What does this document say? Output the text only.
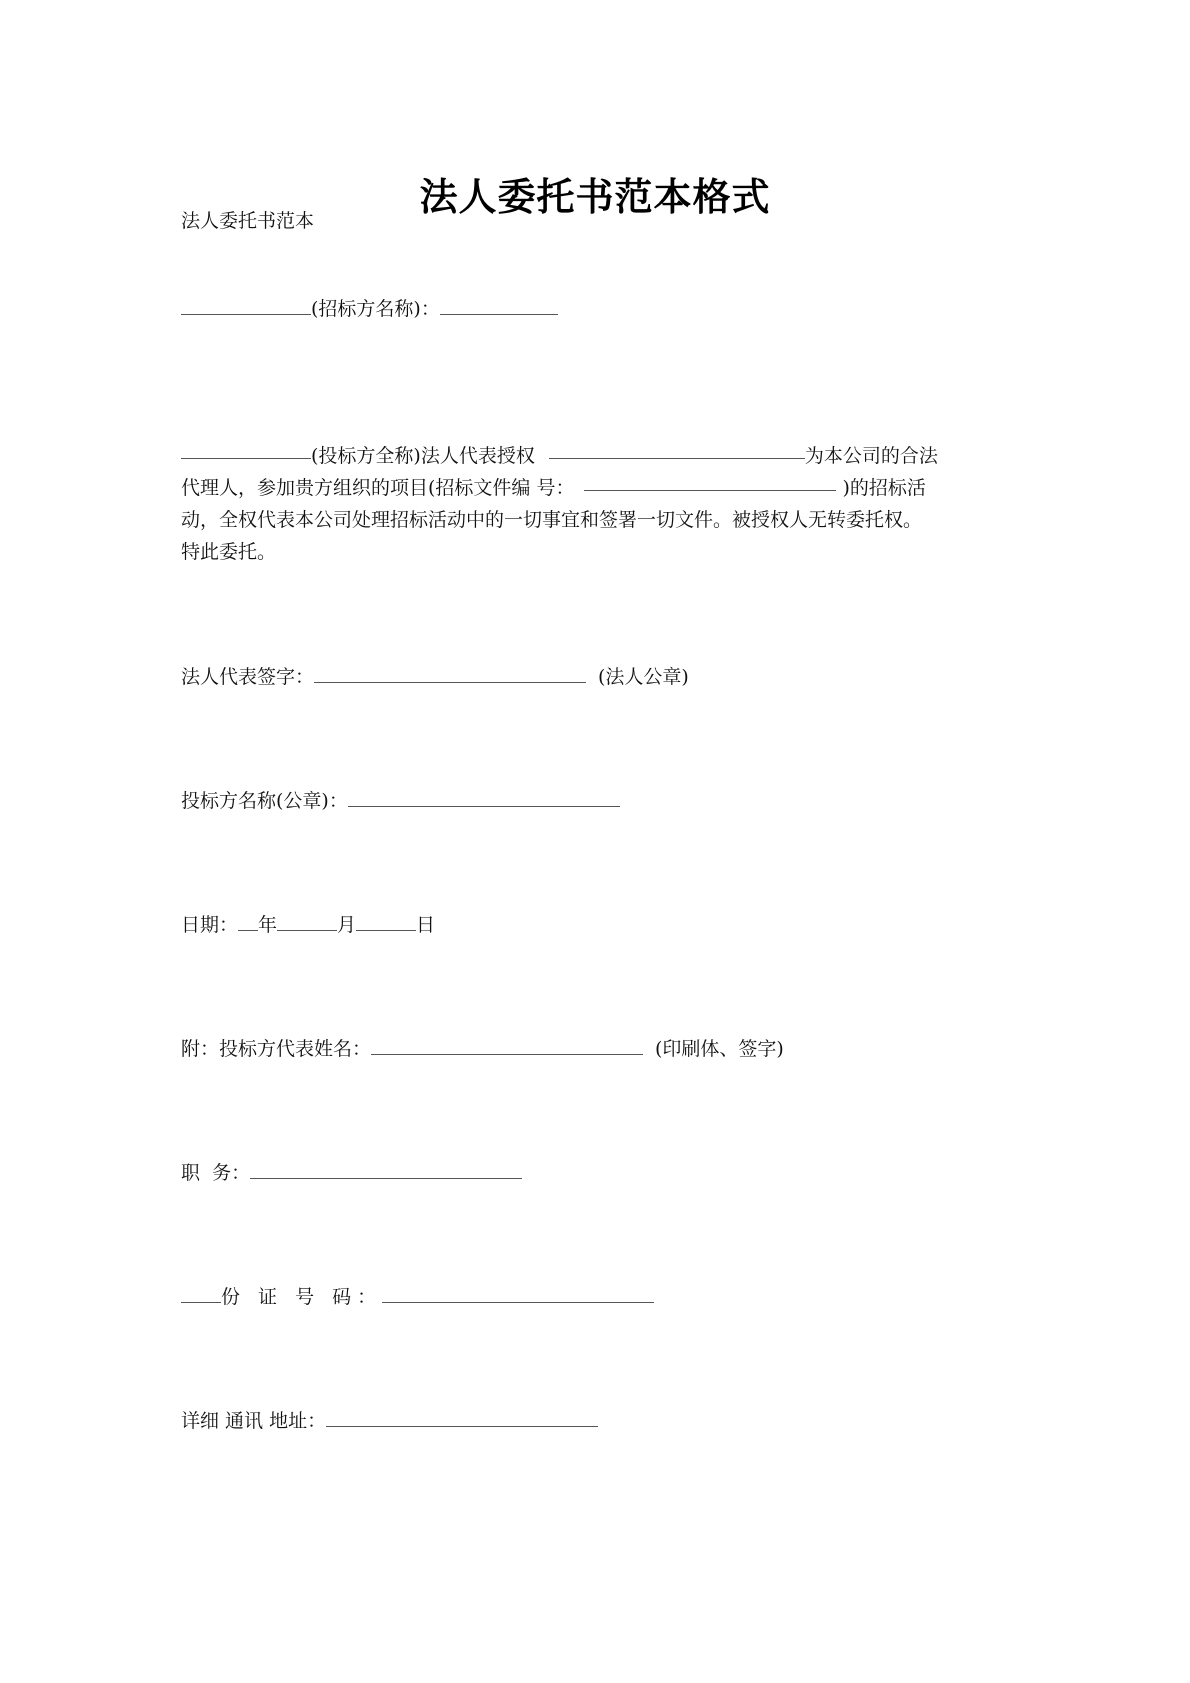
法人委托书范本格式
法人委托书范本
(招标方名称)：
(投标方全称)法人代表授权	为本公司的合法
代理人，参加贵方组织的项目(招标文件编 号：	)的招标活
动，全权代表本公司处理招标活动中的一切事宜和签署一切文件。被授权人无转委托权。
特此委托。
法人代表签字：	(法人公章)
投标方名称(公章)：
日期： 年	月	日
附：投标方代表姓名：	(印刷体、签字)
职  务：
份 证 号 码：
详细 通讯 地址：
